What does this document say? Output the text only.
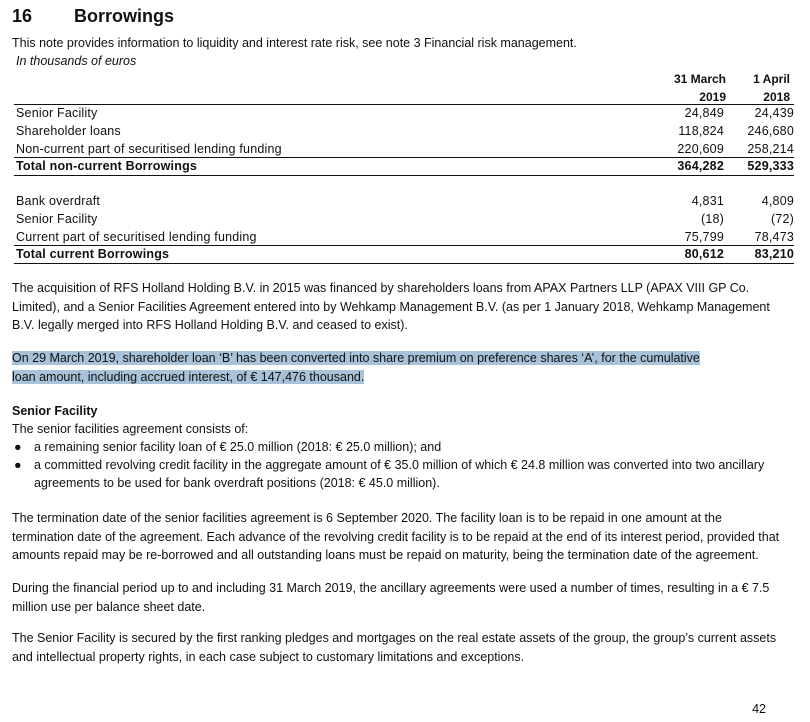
16 Borrowings
This note provides information to liquidity and interest rate risk, see note 3 Financial risk management.
In thousands of euros
31 March
2019
1 April
2018
Senior Facility	24,849	24,439
Shareholder loans	118,824	246,680
Non-current part of securitised lending funding	220,609	258,214
Total non-current Borrowings	364,282	529,333
Bank overdraft	4,831	4,809
Senior Facility	(18)	(72)
Current part of securitised lending funding	75,799	78,473
Total current Borrowings	80,612	83,210
The acquisition of RFS Holland Holding B.V. in 2015 was financed by shareholders loans from APAX Partners LLP (APAX VIII GP Co. Limited), and a Senior Facilities Agreement entered into by Wehkamp Management B.V. (as per 1 January 2018, Wehkamp Management B.V. legally merged into RFS Holland Holding B.V. and ceased to exist).
On 29 March 2019, shareholder loan ‘B’ has been converted into share premium on preference shares ‘A’, for the cumulative
loan amount, including accrued interest, of € 147,476 thousand.
Senior Facility
The senior facilities agreement consists of:
● a remaining senior facility loan of € 25.0 million (2018: € 25.0 million); and
● a committed revolving credit facility in the aggregate amount of € 35.0 million of which € 24.8 million was converted into two ancillary agreements to be used for bank overdraft positions (2018: € 45.0 million).
The termination date of the senior facilities agreement is 6 September 2020. The facility loan is to be repaid in one amount at the termination date of the agreement. Each advance of the revolving credit facility is to be repaid at the end of its interest period, provided that amounts repaid may be re-borrowed and all outstanding loans must be repaid on maturity, being the termination date of the agreement.
During the financial period up to and including 31 March 2019, the ancillary agreements were used a number of times, resulting in a € 7.5 million use per balance sheet date.
The Senior Facility is secured by the first ranking pledges and mortgages on the real estate assets of the group, the group’s current assets and intellectual property rights, in each case subject to customary limitations and exceptions.
42
